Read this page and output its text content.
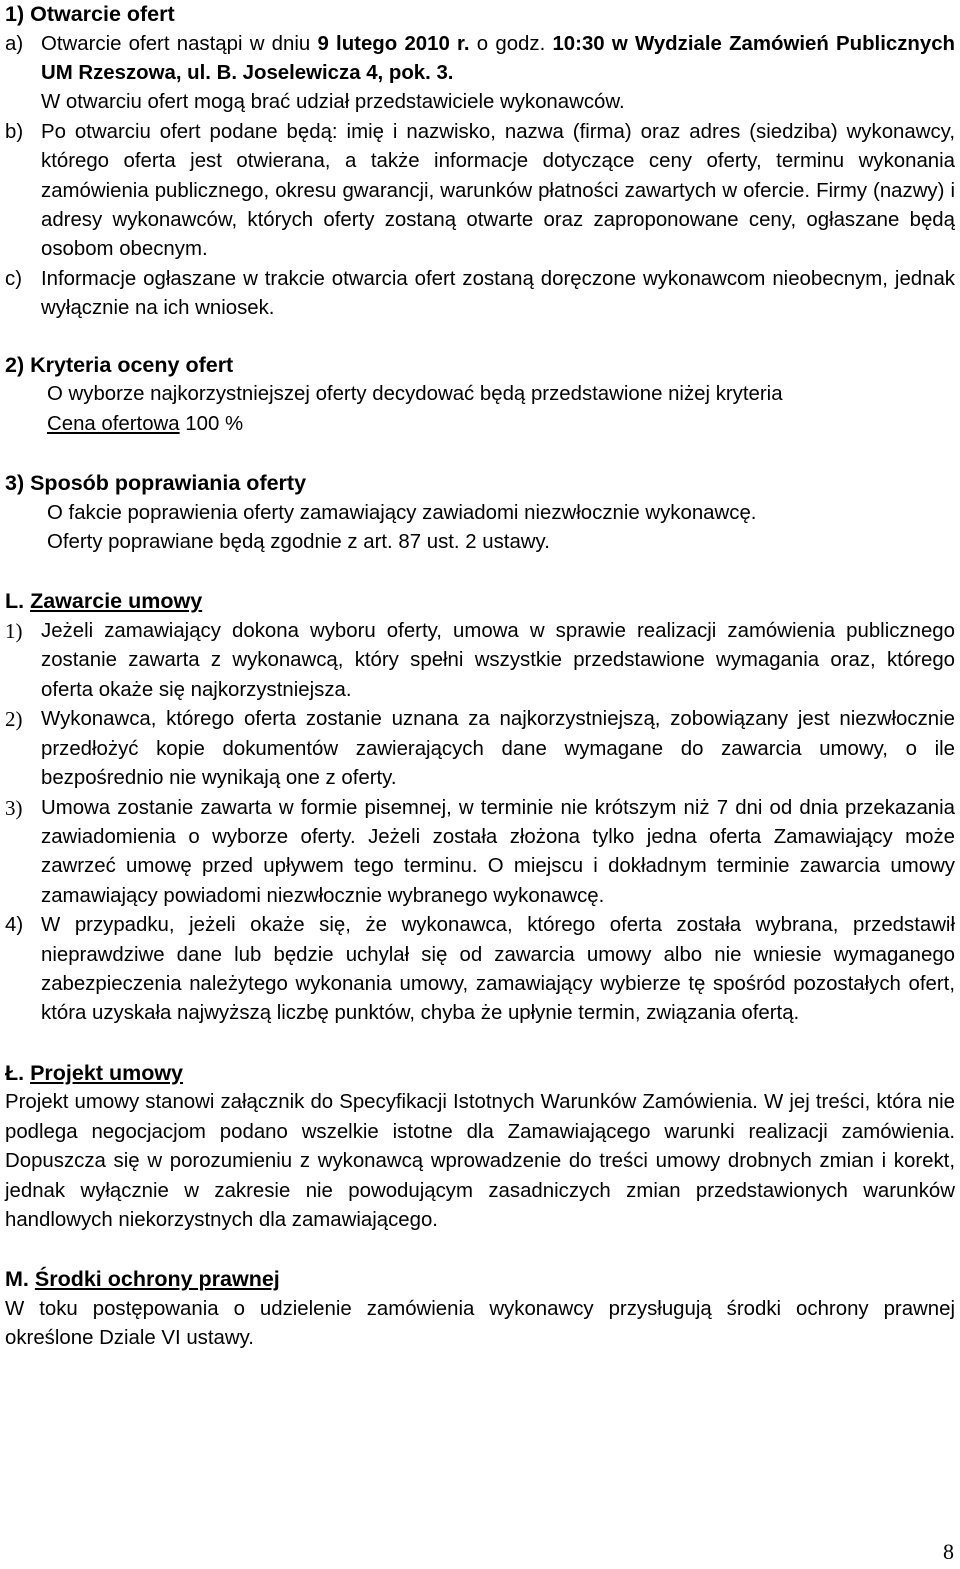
1) Otwarcie ofert
a) Otwarcie ofert nastąpi w dniu 9 lutego 2010 r. o godz. 10:30 w Wydziale Zamówień Publicznych UM Rzeszowa, ul. B. Joselewicza 4, pok. 3.
W otwarciu ofert mogą brać udział przedstawiciele wykonawców.
b) Po otwarciu ofert podane będą: imię i nazwisko, nazwa (firma) oraz adres (siedziba) wykonawcy, którego oferta jest otwierana, a także informacje dotyczące ceny oferty, terminu wykonania zamówienia publicznego, okresu gwarancji, warunków płatności zawartych w ofercie. Firmy (nazwy) i adresy wykonawców, których oferty zostaną otwarte oraz zaproponowane ceny, ogłaszane będą osobom obecnym.
c) Informacje ogłaszane w trakcie otwarcia ofert zostaną doręczone wykonawcom nieobecnym, jednak wyłącznie na ich wniosek.
2) Kryteria oceny ofert
O wyborze najkorzystniejszej oferty decydować będą przedstawione niżej kryteria
Cena ofertowa 100 %
3) Sposób poprawiania oferty
O fakcie poprawienia oferty zamawiający zawiadomi niezwłocznie wykonawcę.
Oferty poprawiane będą zgodnie z art. 87 ust. 2 ustawy.
L. Zawarcie umowy
1) Jeżeli zamawiający dokona wyboru oferty, umowa w sprawie realizacji zamówienia publicznego zostanie zawarta z wykonawcą, który spełni wszystkie przedstawione wymagania oraz, którego oferta okaże się najkorzystniejsza.
2) Wykonawca, którego oferta zostanie uznana za najkorzystniejszą, zobowiązany jest niezwłocznie przedłożyć kopie dokumentów zawierających dane wymagane do zawarcia umowy, o ile bezpośrednio nie wynikają one z oferty.
3) Umowa zostanie zawarta w formie pisemnej, w terminie nie krótszym niż 7 dni od dnia przekazania zawiadomienia o wyborze oferty. Jeżeli została złożona tylko jedna oferta Zamawiający może zawrzeć umowę przed upływem tego terminu. O miejscu i dokładnym terminie zawarcia umowy zamawiający powiadomi niezwłocznie wybranego wykonawcę.
4) W przypadku, jeżeli okaże się, że wykonawca, którego oferta została wybrana, przedstawił nieprawdziwe dane lub będzie uchylał się od zawarcia umowy albo nie wniesie wymaganego zabezpieczenia należytego wykonania umowy, zamawiający wybierze tę spośród pozostałych ofert, która uzyskała najwyższą liczbę punktów, chyba że upłynie termin, związania ofertą.
Ł. Projekt umowy
Projekt umowy stanowi załącznik do Specyfikacji Istotnych Warunków Zamówienia. W jej treści, która nie podlega negocjacjom podano wszelkie istotne dla Zamawiającego warunki realizacji zamówienia. Dopuszcza się w porozumieniu z wykonawcą wprowadzenie do treści umowy drobnych zmian i korekt, jednak wyłącznie w zakresie nie powodującym zasadniczych zmian przedstawionych warunków handlowych niekorzystnych dla zamawiającego.
M. Środki ochrony prawnej
W toku postępowania o udzielenie zamówienia wykonawcy przysługują środki ochrony prawnej określone Dziale VI ustawy.
8
